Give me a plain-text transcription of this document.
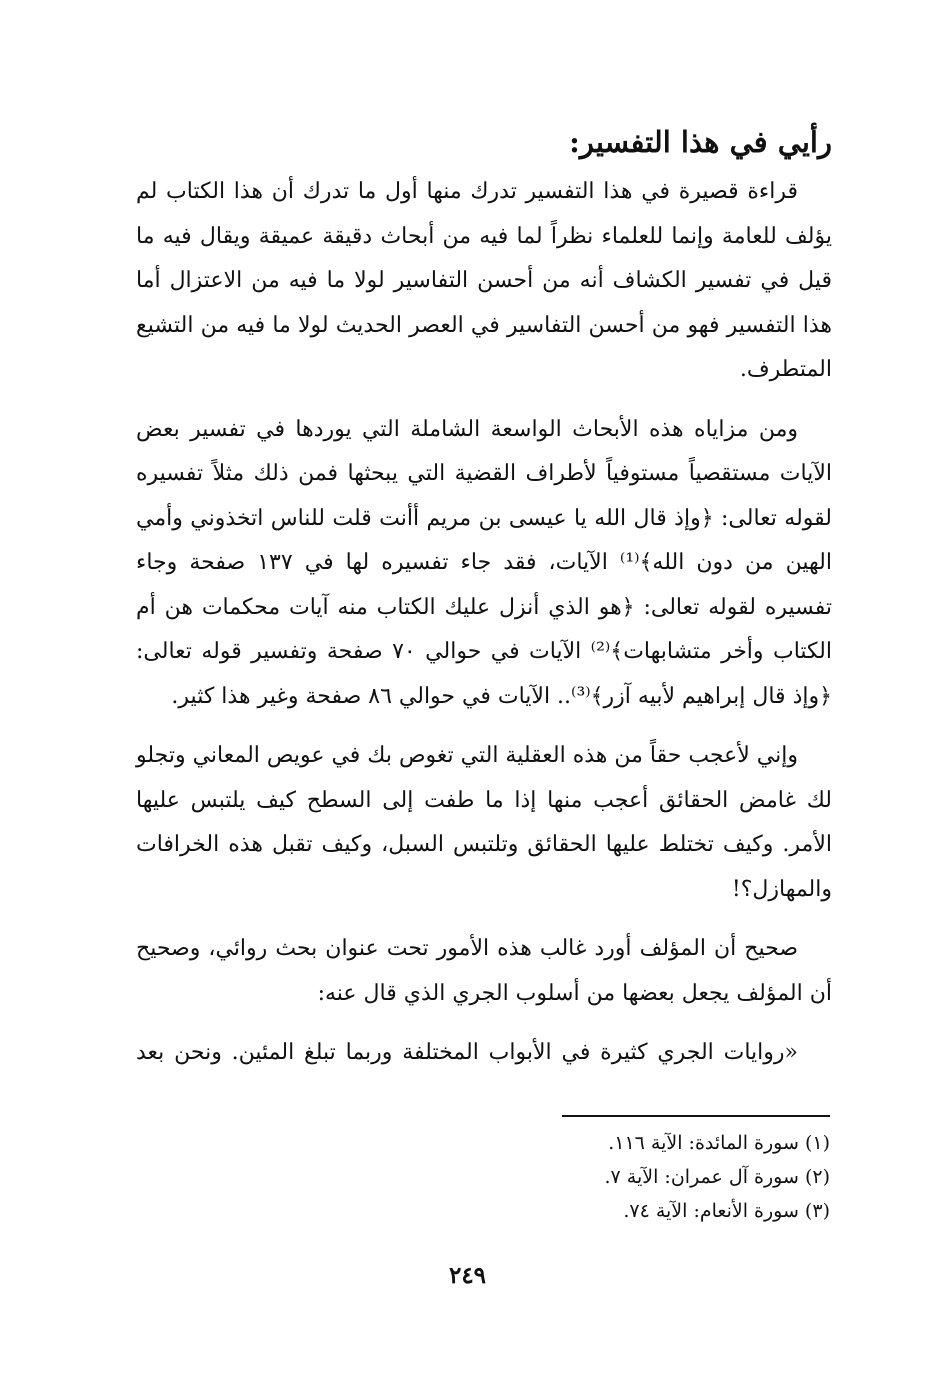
رأيي في هذا التفسير:

قراءة قصيرة في هذا التفسير تدرك منها أول ما تدرك أن هذا الكتاب لم يؤلف للعامة وإنما للعلماء نظراً لما فيه من أبحاث دقيقة عميقة ويقال فيه ما قيل في تفسير الكشاف أنه من أحسن التفاسير لولا ما فيه من الاعتزال أما هذا التفسير فهو من أحسن التفاسير في العصر الحديث لولا ما فيه من التشيع المتطرف.

ومن مزاياه هذه الأبحاث الواسعة الشاملة التي يوردها في تفسير بعض الآيات مستقصياً مستوفياً لأطراف القضية التي يبحثها فمن ذلك مثلاً تفسيره لقوله تعالى: ﴿وإذ قال الله يا عيسى بن مريم أأنت قلت للناس اتخذوني وأمي الهين من دون الله﴾⁽¹⁾ الآيات، فقد جاء تفسيره لها في ١٣٧ صفحة وجاء تفسيره لقوله تعالى: ﴿هو الذي أنزل عليك الكتاب منه آيات محكمات هن أم الكتاب وأخر متشابهات﴾⁽²⁾ الآيات في حوالي ٧٠ صفحة وتفسير قوله تعالى: ﴿وإذ قال إبراهيم لأبيه آزر﴾⁽³⁾.. الآيات في حوالي ٨٦ صفحة وغير هذا كثير.

وإني لأعجب حقاً من هذه العقلية التي تغوص بك في عويص المعاني وتجلو لك غامض الحقائق أعجب منها إذا ما طفت إلى السطح كيف يلتبس عليها الأمر. وكيف تختلط عليها الحقائق وتلتبس السبل، وكيف تقبل هذه الخرافات والمهازل؟!

صحيح أن المؤلف أورد غالب هذه الأمور تحت عنوان بحث روائي، وصحيح أن المؤلف يجعل بعضها من أسلوب الجري الذي قال عنه:

«روايات الجري كثيرة في الأبواب المختلفة وربما تبلغ المئين. ونحن بعد

(١) سورة المائدة: الآية ١١٦.
(٢) سورة آل عمران: الآية ٧.
(٣) سورة الأنعام: الآية ٧٤.
٢٤٩
